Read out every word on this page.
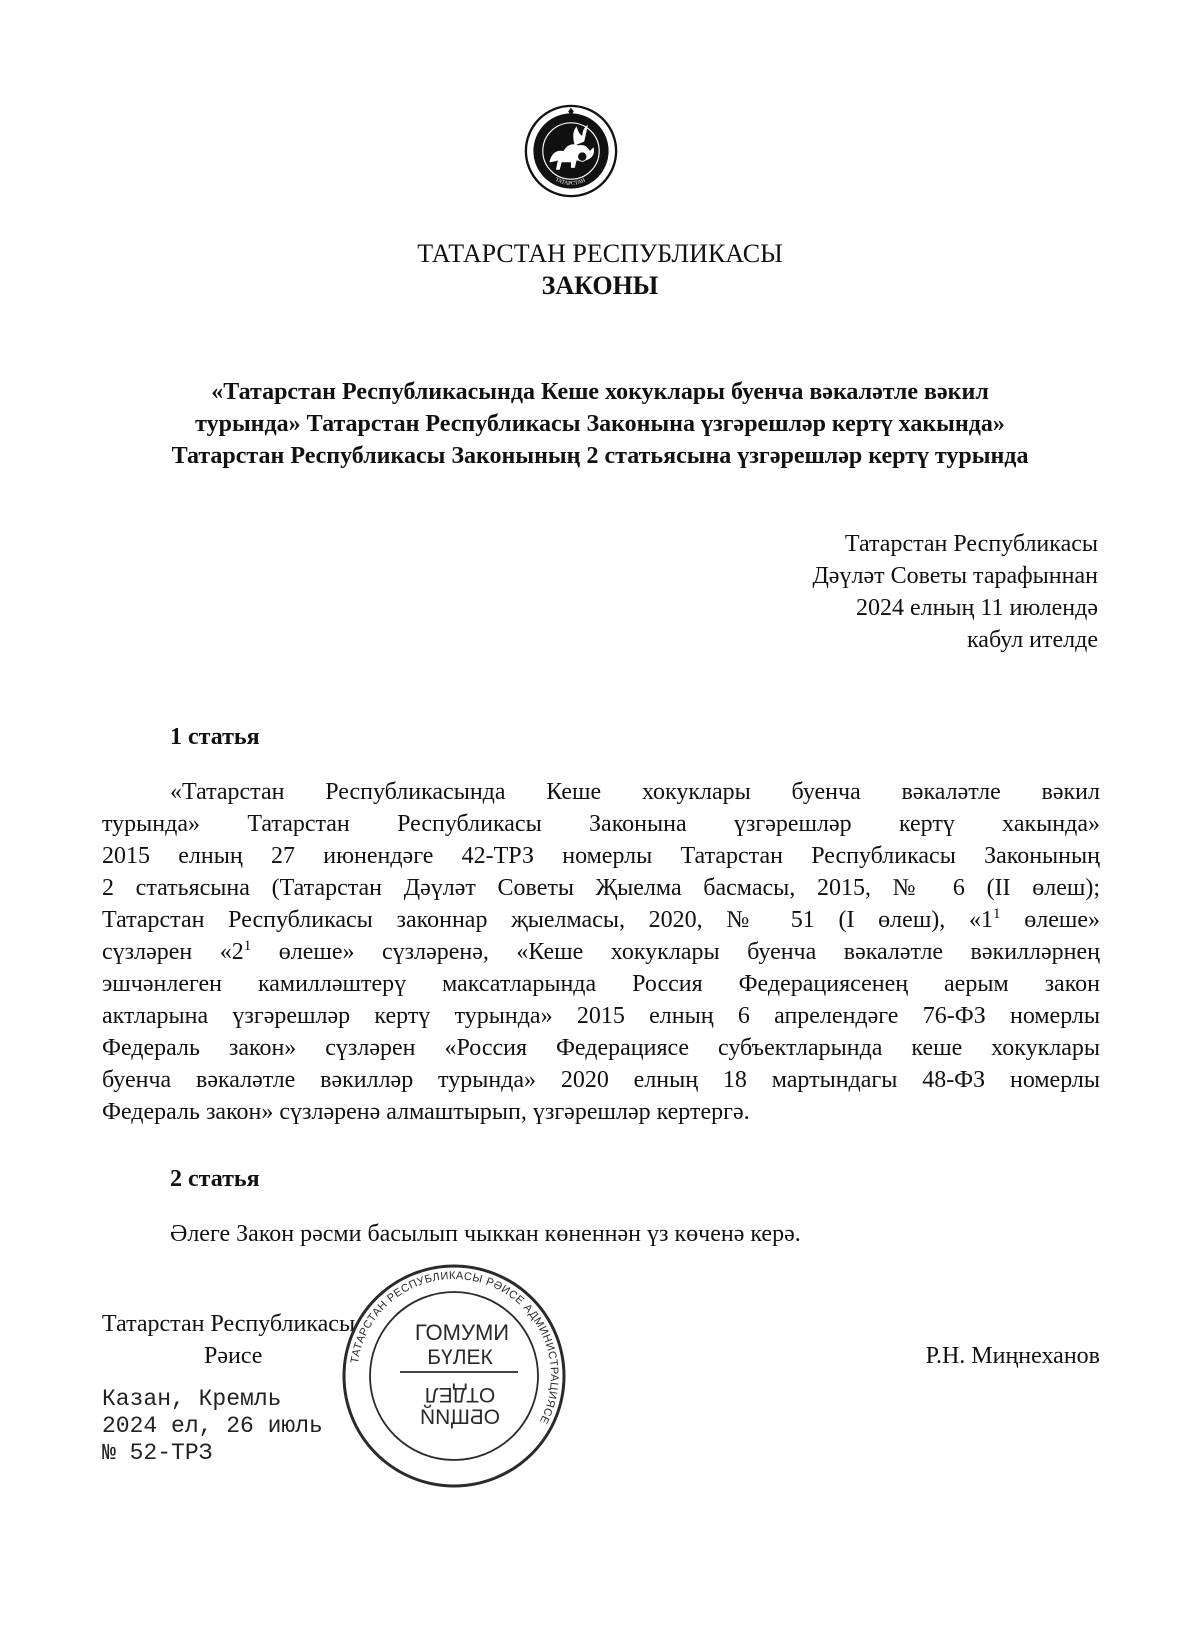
ТАТАРСТАН
ТАТАРСТАН РЕСПУБЛИКАСЫ
ЗАКОНЫ
«Татарстан Республикасында Кеше хокуклары буенча вәкаләтле вәкил
турында» Татарстан Республикасы Законына үзгәрешләр кертү хакында»
Татарстан Республикасы Законының 2 статьясына үзгәрешләр кертү турында
Татарстан Республикасы
Дәүләт Советы тарафыннан
2024 елның 11 июлендә
кабул ителде
1 статья
«Татарстан Республикасында Кеше хокуклары буенча вәкаләтле вәкил
турында» Татарстан Республикасы Законына үзгәрешләр кертү хакында»
2015 елның 27 июнендәге 42-ТРЗ номерлы Татарстан Республикасы Законының
2 статьясына (Татарстан Дәүләт Советы Җыелма басмасы, 2015, № 6 (II өлеш);
Татарстан Республикасы законнар җыелмасы, 2020, № 51 (I өлеш), «$1^1$ өлеше»
сүзләрен «$2^1$ өлеше» сүзләренә, «Кеше хокуклары буенча вәкаләтле вәкилләрнең
эшчәнлеген камилләштерү максатларында Россия Федерациясенең аерым закон
актларына үзгәрешләр кертү турында» 2015 елның 6 апрелендәге 76-ФЗ номерлы
Федераль закон» сүзләрен «Россия Федерациясе субъектларында кеше хокуклары
буенча вәкаләтле вәкилләр турында» 2020 елның 18 мартындагы 48-ФЗ номерлы
Федераль закон» сүзләренә алмаштырып, үзгәрешләр кертергә.
2 статья
Әлеге Закон рәсми басылып чыккан көненнән үз көченә керә.
Татарстан Республикасы
Рәисе	Р.Н. Миңнеханов
Казан, Кремль
2024 ел, 26 июль
№ 52-ТРЗ
ТАТАРСТАН РЕСПУБЛИКАСЫ РӘИСЕ АДМИНИСТРАЦИЯСЕ
ГОМУМИ
БҮЛЕК
ОТДЕЛ
ОБЩИЙ
